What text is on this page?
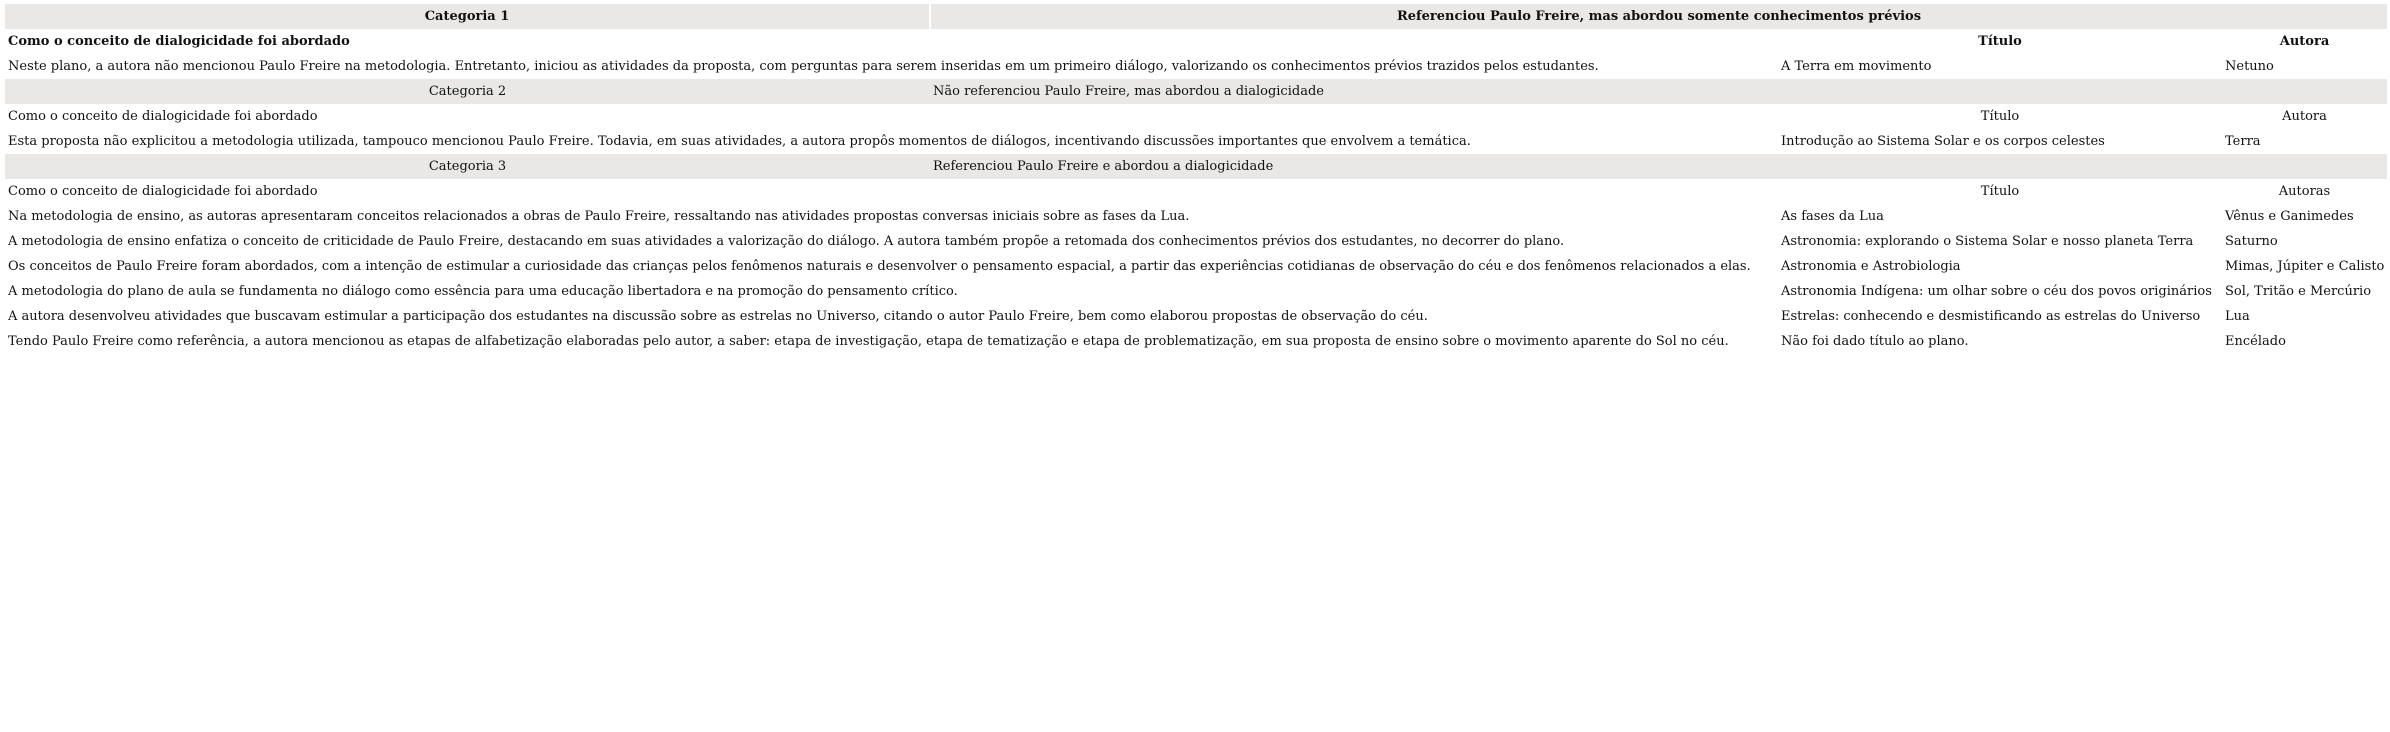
Categoria 1	Referenciou Paulo Freire, mas abordou somente conhecimentos prévios		
Como o conceito de dialogicidade foi abordado		Título	Autora
Neste plano, a autora não mencionou Paulo Freire na metodologia. Entretanto, iniciou as atividades da proposta, com perguntas para serem inseridas em um primeiro diálogo, valorizando os conhecimentos prévios trazidos pelos estudantes.		A Terra em movimento	Netuno
Categoria 2	Não referenciou Paulo Freire, mas abordou a dialogicidade		
Como o conceito de dialogicidade foi abordado		Título	Autora
Esta proposta não explicitou a metodologia utilizada, tampouco mencionou Paulo Freire. Todavia, em suas atividades, a autora propôs momentos de diálogos, incentivando discussões importantes que envolvem a temática.		Introdução ao Sistema Solar e os corpos celestes	Terra
Categoria 3	Referenciou Paulo Freire e abordou a dialogicidade		
Como o conceito de dialogicidade foi abordado		Título	Autoras
Na metodologia de ensino, as autoras apresentaram conceitos relacionados a obras de Paulo Freire, ressaltando nas atividades propostas conversas iniciais sobre as fases da Lua.		As fases da Lua	Vênus e Ganimedes
A metodologia de ensino enfatiza o conceito de criticidade de Paulo Freire, destacando em suas atividades a valorização do diálogo. A autora também propõe a retomada dos conhecimentos prévios dos estudantes, no decorrer do plano.		Astronomia: explorando o Sistema Solar e nosso planeta Terra	Saturno
Os conceitos de Paulo Freire foram abordados, com a intenção de estimular a curiosidade das crianças pelos fenômenos naturais e desenvolver o pensamento espacial, a partir das experiências cotidianas de observação do céu e dos fenômenos relacionados a elas.		Astronomia e Astrobiologia	Mimas, Júpiter e Calisto
A metodologia do plano de aula se fundamenta no diálogo como essência para uma educação libertadora e na promoção do pensamento crítico.		Astronomia Indígena: um olhar sobre o céu dos povos originários	Sol, Tritão e Mercúrio
A autora desenvolveu atividades que buscavam estimular a participação dos estudantes na discussão sobre as estrelas no Universo, citando o autor Paulo Freire, bem como elaborou propostas de observação do céu.		Estrelas: conhecendo e desmistificando as estrelas do Universo	Lua
Tendo Paulo Freire como referência, a autora mencionou as etapas de alfabetização elaboradas pelo autor, a saber: etapa de investigação, etapa de tematização e etapa de problematização, em sua proposta de ensino sobre o movimento aparente do Sol no céu.		Não foi dado título ao plano.	Encélado
